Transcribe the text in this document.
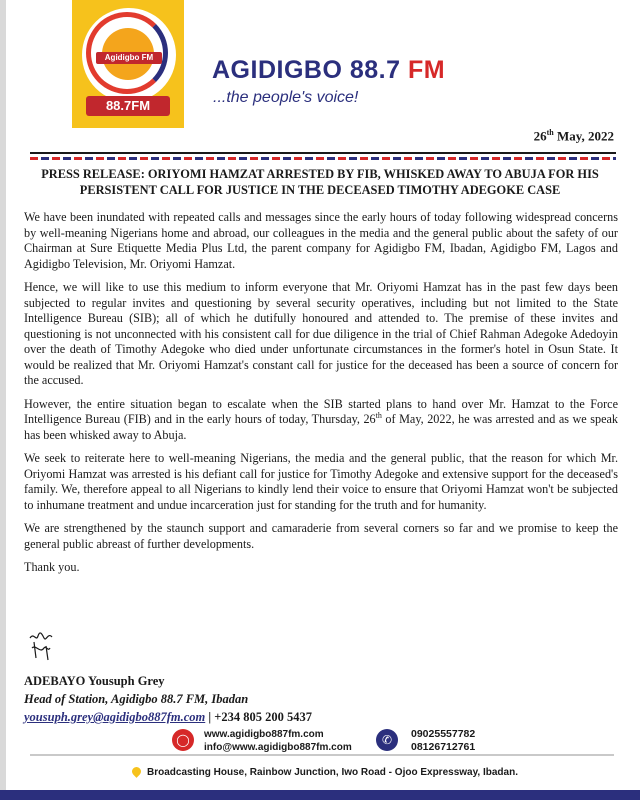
Agidigbo FM
88.7FM
AGIDIGBO 88.7 FM
...the people's voice!
26th May, 2022
PRESS RELEASE: ORIYOMI HAMZAT ARRESTED BY FIB, WHISKED AWAY TO ABUJA FOR HIS PERSISTENT CALL FOR JUSTICE IN THE DECEASED TIMOTHY ADEGOKE CASE

We have been inundated with repeated calls and messages since the early hours of today following widespread concerns by well-meaning Nigerians home and abroad, our colleagues in the media and the general public about the safety of our Chairman at Sure Etiquette Media Plus Ltd, the parent company for Agidigbo FM, Ibadan, Agidigbo FM, Lagos and Agidigbo Television, Mr. Oriyomi Hamzat.

Hence, we will like to use this medium to inform everyone that Mr. Oriyomi Hamzat has in the past few days been subjected to regular invites and questioning by several security operatives, including but not limited to the State Intelligence Bureau (SIB); all of which he dutifully honoured and attended to. The premise of these invites and questioning is not unconnected with his consistent call for due diligence in the trial of Chief Rahman Adegoke Adedoyin over the death of Timothy Adegoke who died under unfortunate circumstances in the former's hotel in Osun State. It would be realized that Mr. Oriyomi Hamzat's constant call for justice for the deceased has been a source of concern for the accused.

However, the entire situation began to escalate when the SIB started plans to hand over Mr. Hamzat to the Force Intelligence Bureau (FIB) and in the early hours of today, Thursday, 26th of May, 2022, he was arrested and as we speak has been whisked away to Abuja.

We seek to reiterate here to well-meaning Nigerians, the media and the general public, that the reason for which Mr. Oriyomi Hamzat was arrested is his defiant call for justice for Timothy Adegoke and extensive support for the deceased's family. We, therefore appeal to all Nigerians to kindly lend their voice to ensure that Oriyomi Hamzat won't be subjected to inhumane treatment and undue incarceration just for standing for the truth and for humanity.

We are strengthened by the staunch support and camaraderie from several corners so far and we promise to keep the general public abreast of further developments.

Thank you.

ADEBAYO Yousuph Grey
Head of Station, Agidigbo 88.7 FM, Ibadan
yousuph.grey@agidigbo887fm.com | +234 805 200 5437
◯	www.agidigbo887fm.com
info@www.agidigbo887fm.com
✆	09025557782
08126712761
Broadcasting House, Rainbow Junction, Iwo Road - Ojoo Expressway, Ibadan.
